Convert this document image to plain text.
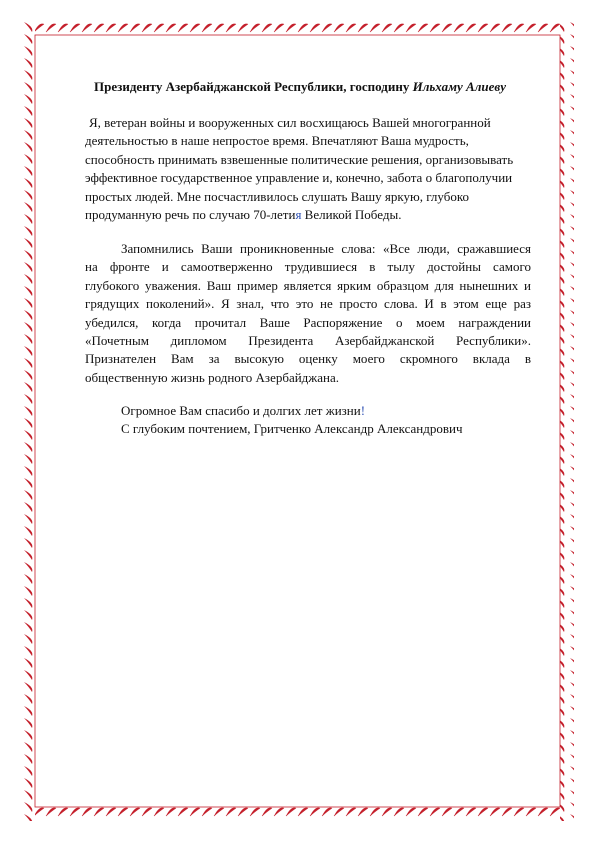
Президенту Азербайджанской Республики, господину Ильхаму Алиеву
Я, ветеран войны и вооруженных сил восхищаюсь Вашей многогранной
деятельностью в наше непростое время. Впечатляют Ваша мудрость,
способность принимать взвешенные политические решения, организовывать
эффективное государственное управление и, конечно, забота о благополучии
простых людей. Мне посчастливилось слушать Вашу яркую, глубоко
продуманную речь по случаю 70-летия Великой Победы.
Запомнились Ваши проникновенные слова: «Все люди, сражавшиеся
на фронте и самоотверженно трудившиеся в тылу достойны самого
глубокого уважения. Ваш пример является ярким образцом для нынешних и
грядущих поколений». Я знал, что это не просто слова. И в этом еще раз
убедился, когда прочитал Ваше Распоряжение о моем награждении
«Почетным дипломом Президента Азербайджанской Республики».
Признателен Вам за высокую оценку моего скромного вклада в
общественную жизнь родного Азербайджана.
Огромное Вам спасибо и долгих лет жизни!
С глубоким почтением, Гритченко Александр Александрович
